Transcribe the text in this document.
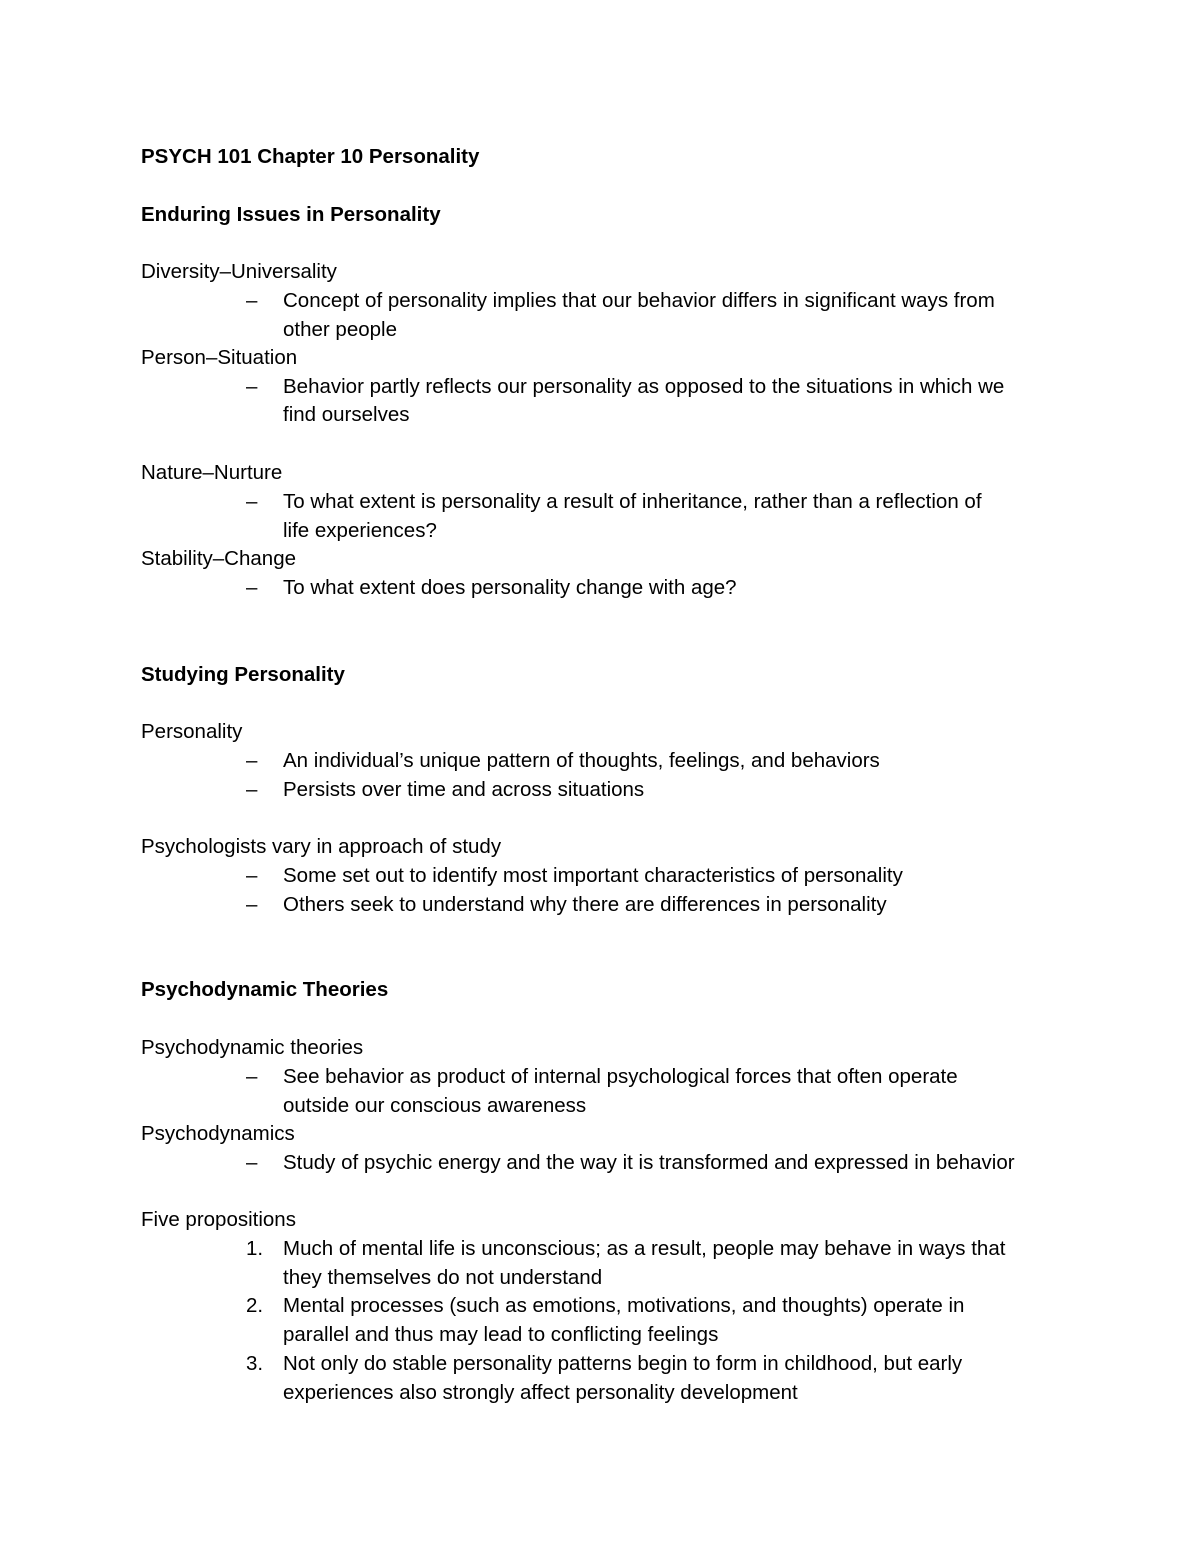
PSYCH 101 Chapter 10 Personality
Enduring Issues in Personality
Diversity–Universality
– Concept of personality implies that our behavior differs in significant ways from
other people
Person–Situation
– Behavior partly reflects our personality as opposed to the situations in which we
find ourselves
Nature–Nurture
– To what extent is personality a result of inheritance, rather than a reflection of
life experiences?
Stability–Change
– To what extent does personality change with age?
Studying Personality
Personality
– An individual’s unique pattern of thoughts, feelings, and behaviors
– Persists over time and across situations
Psychologists vary in approach of study
– Some set out to identify most important characteristics of personality
– Others seek to understand why there are differences in personality
Psychodynamic Theories
Psychodynamic theories
– See behavior as product of internal psychological forces that often operate
outside our conscious awareness
Psychodynamics
– Study of psychic energy and the way it is transformed and expressed in behavior
Five propositions
1. Much of mental life is unconscious; as a result, people may behave in ways that
they themselves do not understand
2. Mental processes (such as emotions, motivations, and thoughts) operate in
parallel and thus may lead to conflicting feelings
3. Not only do stable personality patterns begin to form in childhood, but early
experiences also strongly affect personality development
